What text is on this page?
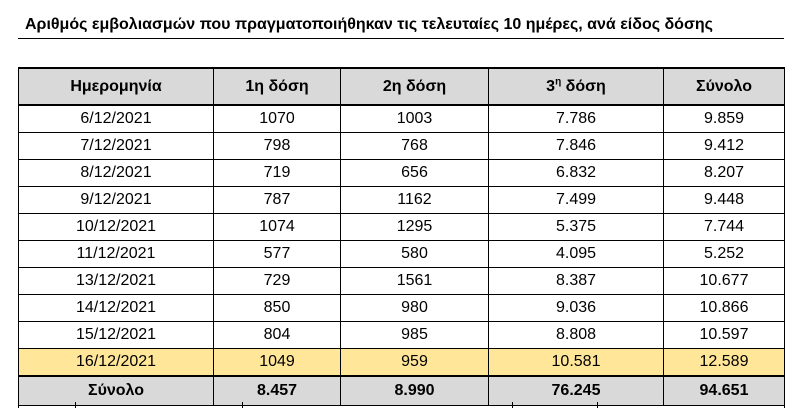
Αριθμός εμβολιασμών που πραγματοποιήθηκαν τις τελευταίες 10 ημέρες, ανά είδος δόσης
Ημερομηνία	1η δόση	2η δόση	$3^\eta$ δόση	Σύνολο
6/12/2021	1070	1003	7.786	9.859
7/12/2021	798	768	7.846	9.412
8/12/2021	719	656	6.832	8.207
9/12/2021	787	1162	7.499	9.448
10/12/2021	1074	1295	5.375	7.744
11/12/2021	577	580	4.095	5.252
13/12/2021	729	1561	8.387	10.677
14/12/2021	850	980	9.036	10.866
15/12/2021	804	985	8.808	10.597
16/12/2021	1049	959	10.581	12.589
Σύνολο	8.457	8.990	76.245	94.651
